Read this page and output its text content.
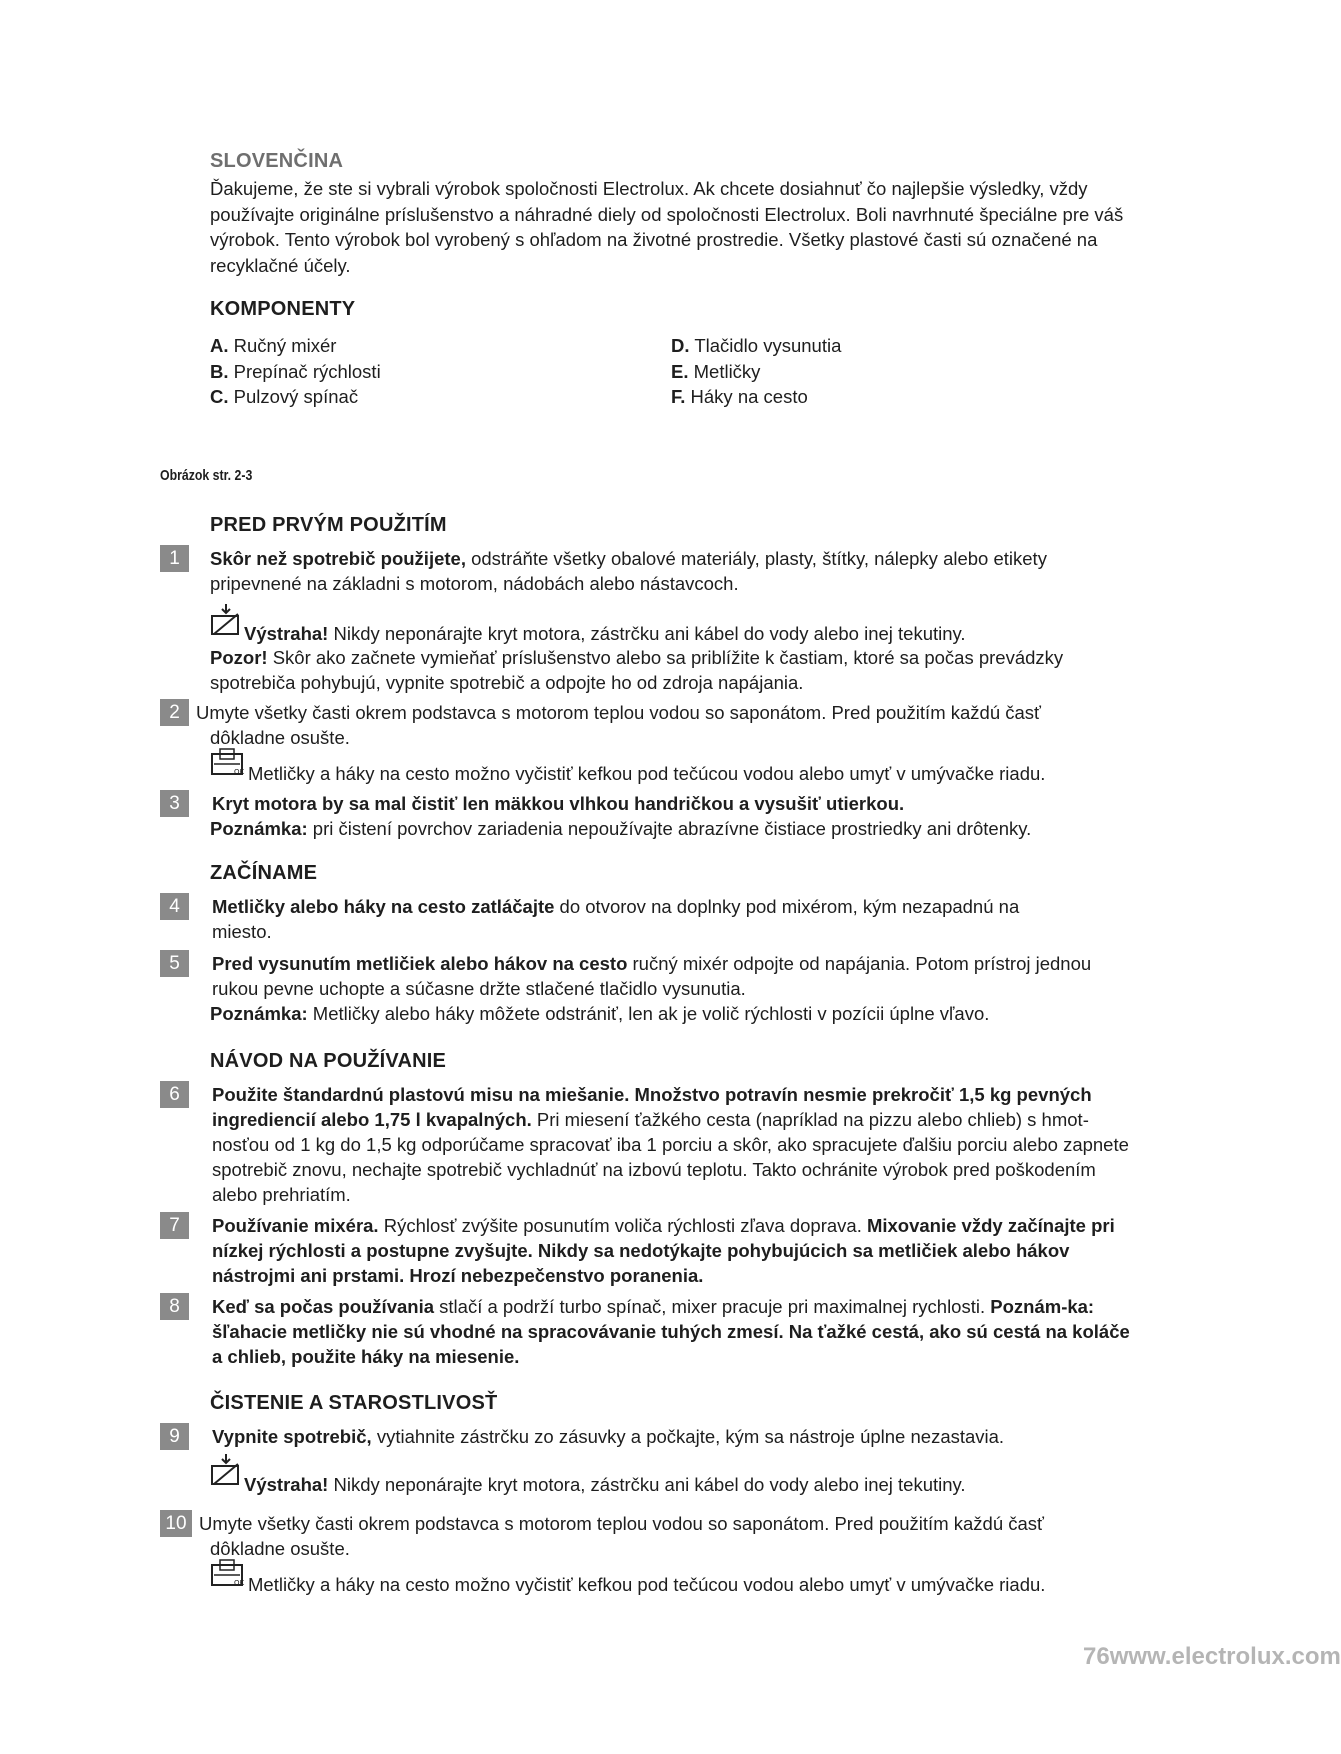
SLOVENČINA
Ďakujeme, že ste si vybrali výrobok spoločnosti Electrolux. Ak chcete dosiahnuť čo najlepšie výsledky, vždy používajte originálne príslušenstvo a náhradné diely od spoločnosti Electrolux. Boli navrhnuté špeciálne pre váš výrobok. Tento výrobok bol vyrobený s ohľadom na životné prostredie. Všetky plastové časti sú označené na recyklačné účely.
KOMPONENTY
A. Ručný mixér
B. Prepínač rýchlosti
C. Pulzový spínač
D. Tlačidlo vysunutia
E. Metličky
F. Háky na cesto
Obrázok str. 2-3
PRED PRVÝM POUŽITÍM
1	Skôr než spotrebič použijete, odstráňte všetky obalové materiály, plasty, štítky, nálepky alebo etikety pripevnené na základni s motorom, nádobách alebo nástavcoch.
Výstraha! Nikdy neponárajte kryt motora, zástrčku ani kábel do vody alebo inej tekutiny.
Pozor! Skôr ako začnete vymieňať príslušenstvo alebo sa priblížite k častiam, ktoré sa počas prevádzky spotrebiča pohybujú, vypnite spotrebič a odpojte ho od zdroja napájania.
2 Umyte všetky časti okrem podstavca s motorom teplou vodou so saponátom. Pred použitím každú časť
dôkladne osušte.
OK Metličky a háky na cesto možno vyčistiť kefkou pod tečúcou vodou alebo umyť v umývačke riadu.
3	Kryt motora by sa mal čistiť len mäkkou vlhkou handričkou a vysušiť utierkou.
Poznámka: pri čistení povrchov zariadenia nepoužívajte abrazívne čistiace prostriedky ani drôtenky.
ZAČÍNAME
4	Metličky alebo háky na cesto zatláčajte do otvorov na doplnky pod mixérom, kým nezapadnú na miesto.
5	Pred vysunutím metličiek alebo hákov na cesto ručný mixér odpojte od napájania. Potom prístroj jednou rukou pevne uchopte a súčasne držte stlačené tlačidlo vysunutia.
Poznámka: Metličky alebo háky môžete odstrániť, len ak je volič rýchlosti v pozícii úplne vľavo.
NÁVOD NA POUŽÍVANIE
6	Použite štandardnú plastovú misu na miešanie. Množstvo potravín nesmie prekročiť 1,5 kg pevných ingrediencií alebo 1,75 l kvapalných. Pri miesení ťažkého cesta (napríklad na pizzu alebo chlieb) s hmot-nosťou od 1 kg do 1,5 kg odporúčame spracovať iba 1 porciu a skôr, ako spracujete ďalšiu porciu alebo zapnete spotrebič znovu, nechajte spotrebič vychladnúť na izbovú teplotu. Takto ochránite výrobok pred poškodením alebo prehriatím.
7	Používanie mixéra. Rýchlosť zvýšite posunutím voliča rýchlosti zľava doprava. Mixovanie vždy začínajte pri nízkej rýchlosti a postupne zvyšujte. Nikdy sa nedotýkajte pohybujúcich sa metličiek alebo hákov nástrojmi ani prstami. Hrozí nebezpečenstvo poranenia.
8	Keď sa počas používania stlačí a podrží turbo spínač, mixer pracuje pri maximalnej rychlosti. Poznám-ka: šľahacie metličky nie sú vhodné na spracovávanie tuhých zmesí. Na ťažké cestá, ako sú cestá na koláče a chlieb, použite háky na miesenie.
ČISTENIE A STAROSTLIVOSŤ
9	Vypnite spotrebič, vytiahnite zástrčku zo zásuvky a počkajte, kým sa nástroje úplne nezastavia.
Výstraha! Nikdy neponárajte kryt motora, zástrčku ani kábel do vody alebo inej tekutiny.
10 Umyte všetky časti okrem podstavca s motorom teplou vodou so saponátom. Pred použitím každú časť
dôkladne osušte.
OK Metličky a háky na cesto možno vyčistiť kefkou pod tečúcou vodou alebo umyť v umývačke riadu.
76www.electrolux.com
